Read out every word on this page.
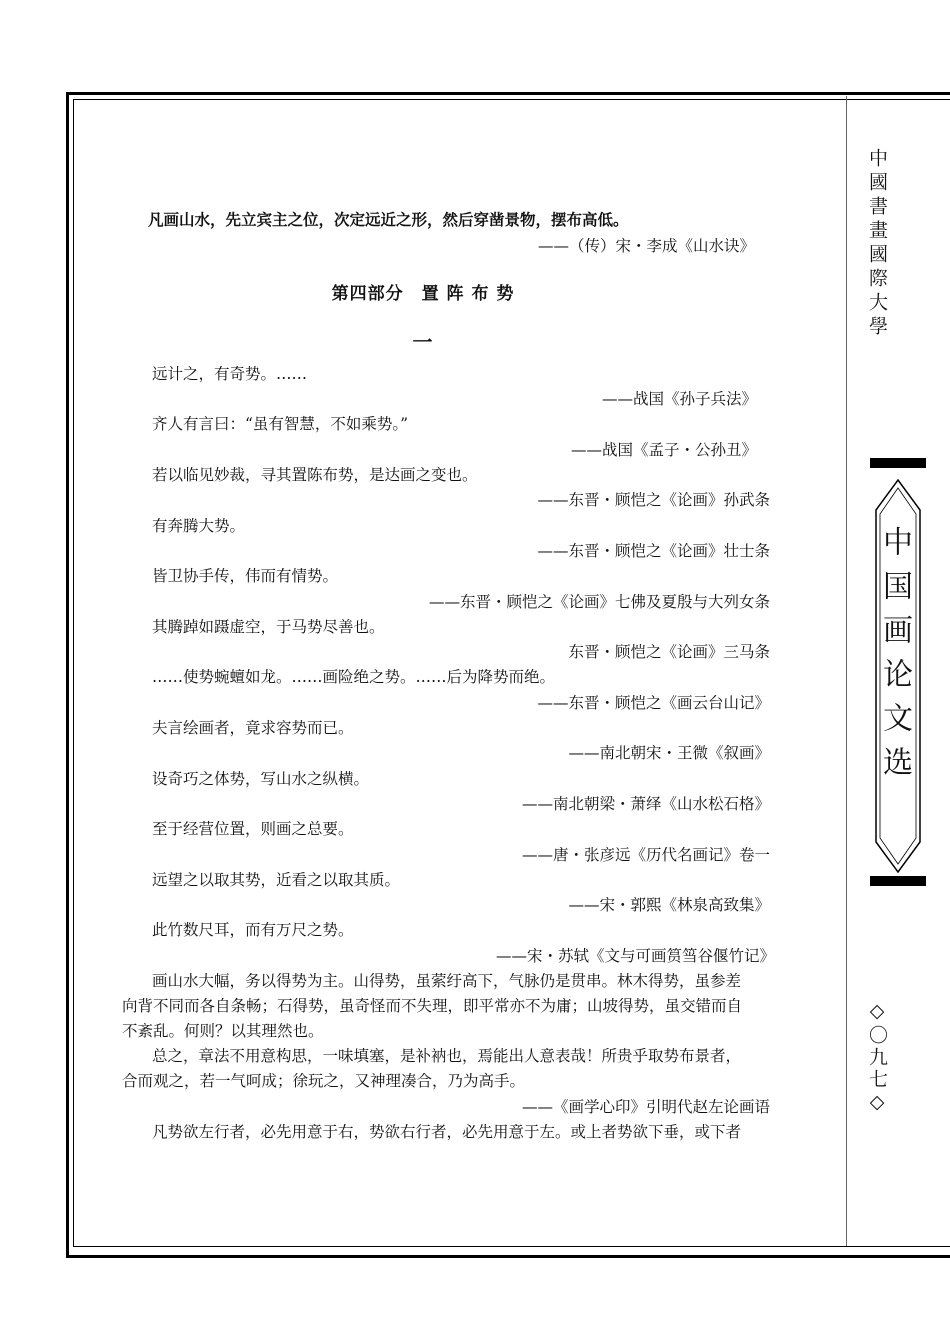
中國書畫國際大學
中国画论文选
◇〇九七◇
凡画山水，先立宾主之位，次定远近之形，然后穿凿景物，摆布高低。
——（传）宋・李成《山水诀》
第四部分　置 阵 布 势
一
远计之，有奇势。……
——战国《孙子兵法》
齐人有言曰：“虽有智慧，不如乘势。”
——战国《孟子・公孙丑》
若以临见妙裁，寻其置陈布势，是达画之变也。
——东晋・顾恺之《论画》孙武条
有奔腾大势。
——东晋・顾恺之《论画》壮士条
皆卫协手传，伟而有情势。
——东晋・顾恺之《论画》七佛及夏殷与大列女条
其腾踔如蹑虚空，于马势尽善也。
东晋・顾恺之《论画》三马条
……使势蜿蟺如龙。……画险绝之势。……后为降势而绝。
——东晋・顾恺之《画云台山记》
夫言绘画者，竟求容势而已。
——南北朝宋・王微《叙画》
设奇巧之体势，写山水之纵横。
——南北朝梁・萧绎《山水松石格》
至于经营位置，则画之总要。
——唐・张彦远《历代名画记》卷一
远望之以取其势，近看之以取其质。
——宋・郭熙《林泉高致集》
此竹数尺耳，而有万尺之势。
——宋・苏轼《文与可画筼筜谷偃竹记》
画山水大幅，务以得势为主。山得势，虽萦纡高下，气脉仍是贯串。林木得势，虽参差
向背不同而各自条畅；石得势，虽奇怪而不失理，即平常亦不为庸；山坡得势，虽交错而自
不紊乱。何则？以其理然也。
总之，章法不用意构思，一味填塞，是补衲也，焉能出人意表哉！所贵乎取势布景者，
合而观之，若一气呵成；徐玩之，又神理凑合，乃为高手。
——《画学心印》引明代赵左论画语
凡势欲左行者，必先用意于右，势欲右行者，必先用意于左。或上者势欲下垂，或下者
